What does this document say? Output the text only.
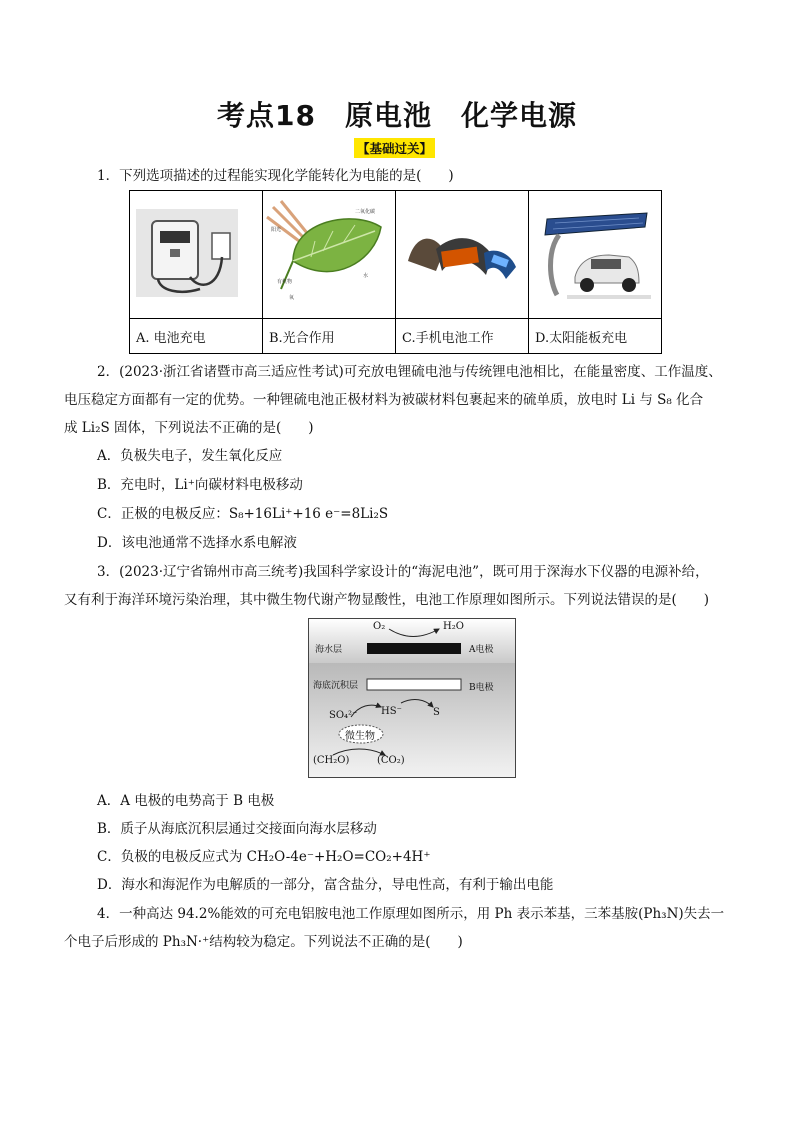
考点18　原电池　化学电源
【基础过关】
1．下列选项描述的过程能实现化学能转化为电能的是(　　)

二氧化碳
阳光
水
有机物
氧

A. 电池充电	B.光合作用	C.手机电池工作	D.太阳能板充电
2．(2023·浙江省诸暨市高三适应性考试)可充放电锂硫电池与传统锂电池相比，在能量密度、工作温度、
电压稳定方面都有一定的优势。一种锂硫电池正极材料为被碳材料包裹起来的硫单质，放电时 Li 与 S₈ 化合
成 Li₂S 固体，下列说法不正确的是(　　)
A．负极失电子，发生氧化反应
B．充电时，Li⁺向碳材料电极移动
C．正极的电极反应：S₈+16Li⁺+16 e⁻=8Li₂S
D．该电池通常不选择水系电解液
3．(2023·辽宁省锦州市高三统考)我国科学家设计的“海泥电池”，既可用于深海水下仪器的电源补给，
又有利于海洋环境污染治理，其中微生物代谢产物显酸性，电池工作原理如图所示。下列说法错误的是(　　)
O₂	H₂O
海水层	A电极
海底沉积层	B电极
SO₄²⁻ HS⁻	S
微生物
(CH₂O)	(CO₂)
A．A 电极的电势高于 B 电极
B．质子从海底沉积层通过交接面向海水层移动
C．负极的电极反应式为 CH₂O-4e⁻+H₂O=CO₂+4H⁺
D．海水和海泥作为电解质的一部分，富含盐分，导电性高，有利于输出电能
4．一种高达 94.2%能效的可充电铝胺电池工作原理如图所示，用 Ph 表示苯基，三苯基胺(Ph₃N)失去一
个电子后形成的 Ph₃N·⁺结构较为稳定。下列说法不正确的是(　　)
